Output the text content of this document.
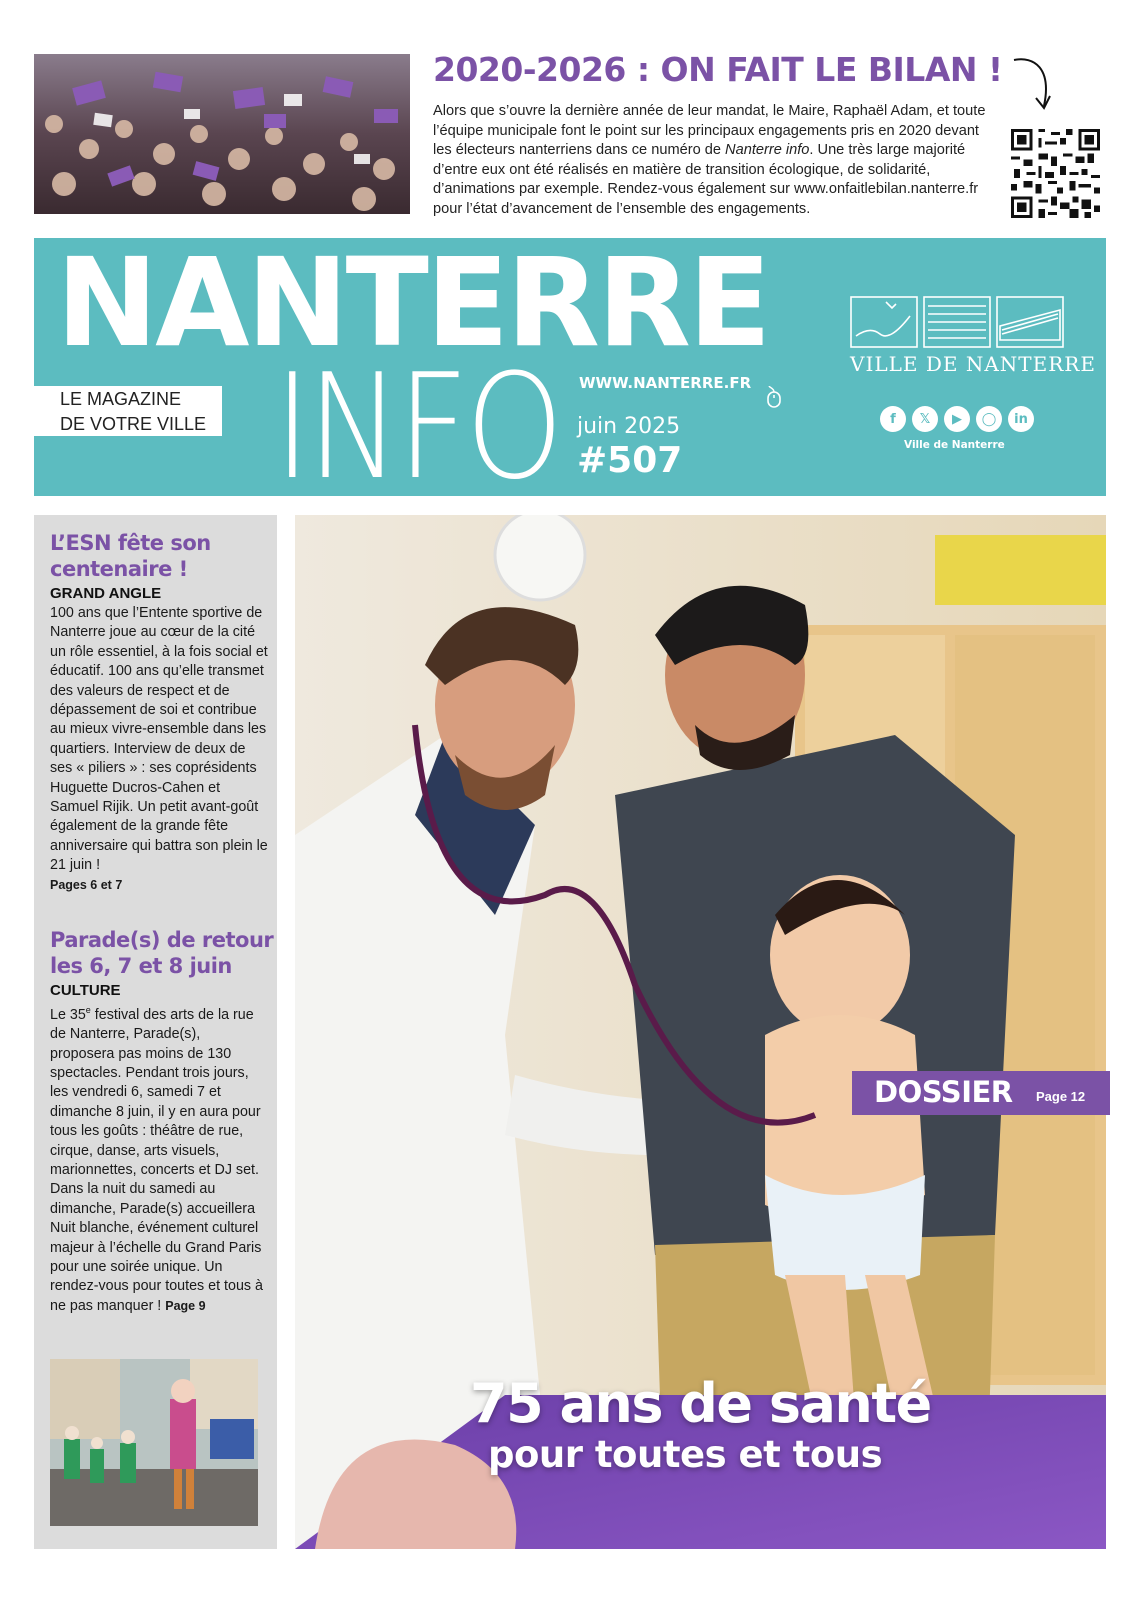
2020-2026 : ON FAIT LE BILAN !
Alors que s’ouvre la dernière année de leur mandat, le Maire, Raphaël Adam, et toute l’équipe municipale font le point sur les principaux engagements pris en 2020 devant les électeurs nanterriens dans ce numéro de Nanterre info. Une très large majorité d’entre eux ont été réalisés en matière de transition écologique, de solidarité, d’animations par exemple. Rendez-vous également sur www.onfaitlebilan.nanterre.fr pour l’état d’avancement de l’ensemble des engagements.
NANTERRE
LE MAGAZINE
DE VOTRE VILLE INFO WWW.NANTERRE.FR
juin 2025
#507
VILLE DE NANTERRE
f	𝕏	▶	◯	in
Ville de Nanterre
L’ESN fête son
centenaire !
GRAND ANGLE
100 ans que l’Entente sportive de Nanterre joue au cœur de la cité un rôle essentiel, à la fois social et éducatif. 100 ans qu’elle transmet des valeurs de respect et de dépassement de soi et contribue au mieux vivre-ensemble dans les quartiers. Interview de deux de ses « piliers » : ses coprésidents Huguette Ducros-Cahen et Samuel Rijik. Un petit avant-goût également de la grande fête anniversaire qui battra son plein le 21 juin !
Pages 6 et 7
Parade(s) de retour
les 6, 7 et 8 juin
CULTURE
Le 35e festival des arts de la rue de Nanterre, Parade(s), proposera pas moins de 130 spectacles. Pendant trois jours, les vendredi 6, samedi 7 et dimanche 8 juin, il y en aura pour tous les goûts : théâtre de rue, cirque, danse, arts visuels, marionnettes, concerts et DJ set. Dans la nuit du samedi au dimanche, Parade(s) accueillera Nuit blanche, événement culturel majeur à l’échelle du Grand Paris pour une soirée unique. Un rendez-vous pour toutes et tous à ne pas manquer ! Page 9
DOSSIER Page 12
75 ans de santé
pour toutes et tous
